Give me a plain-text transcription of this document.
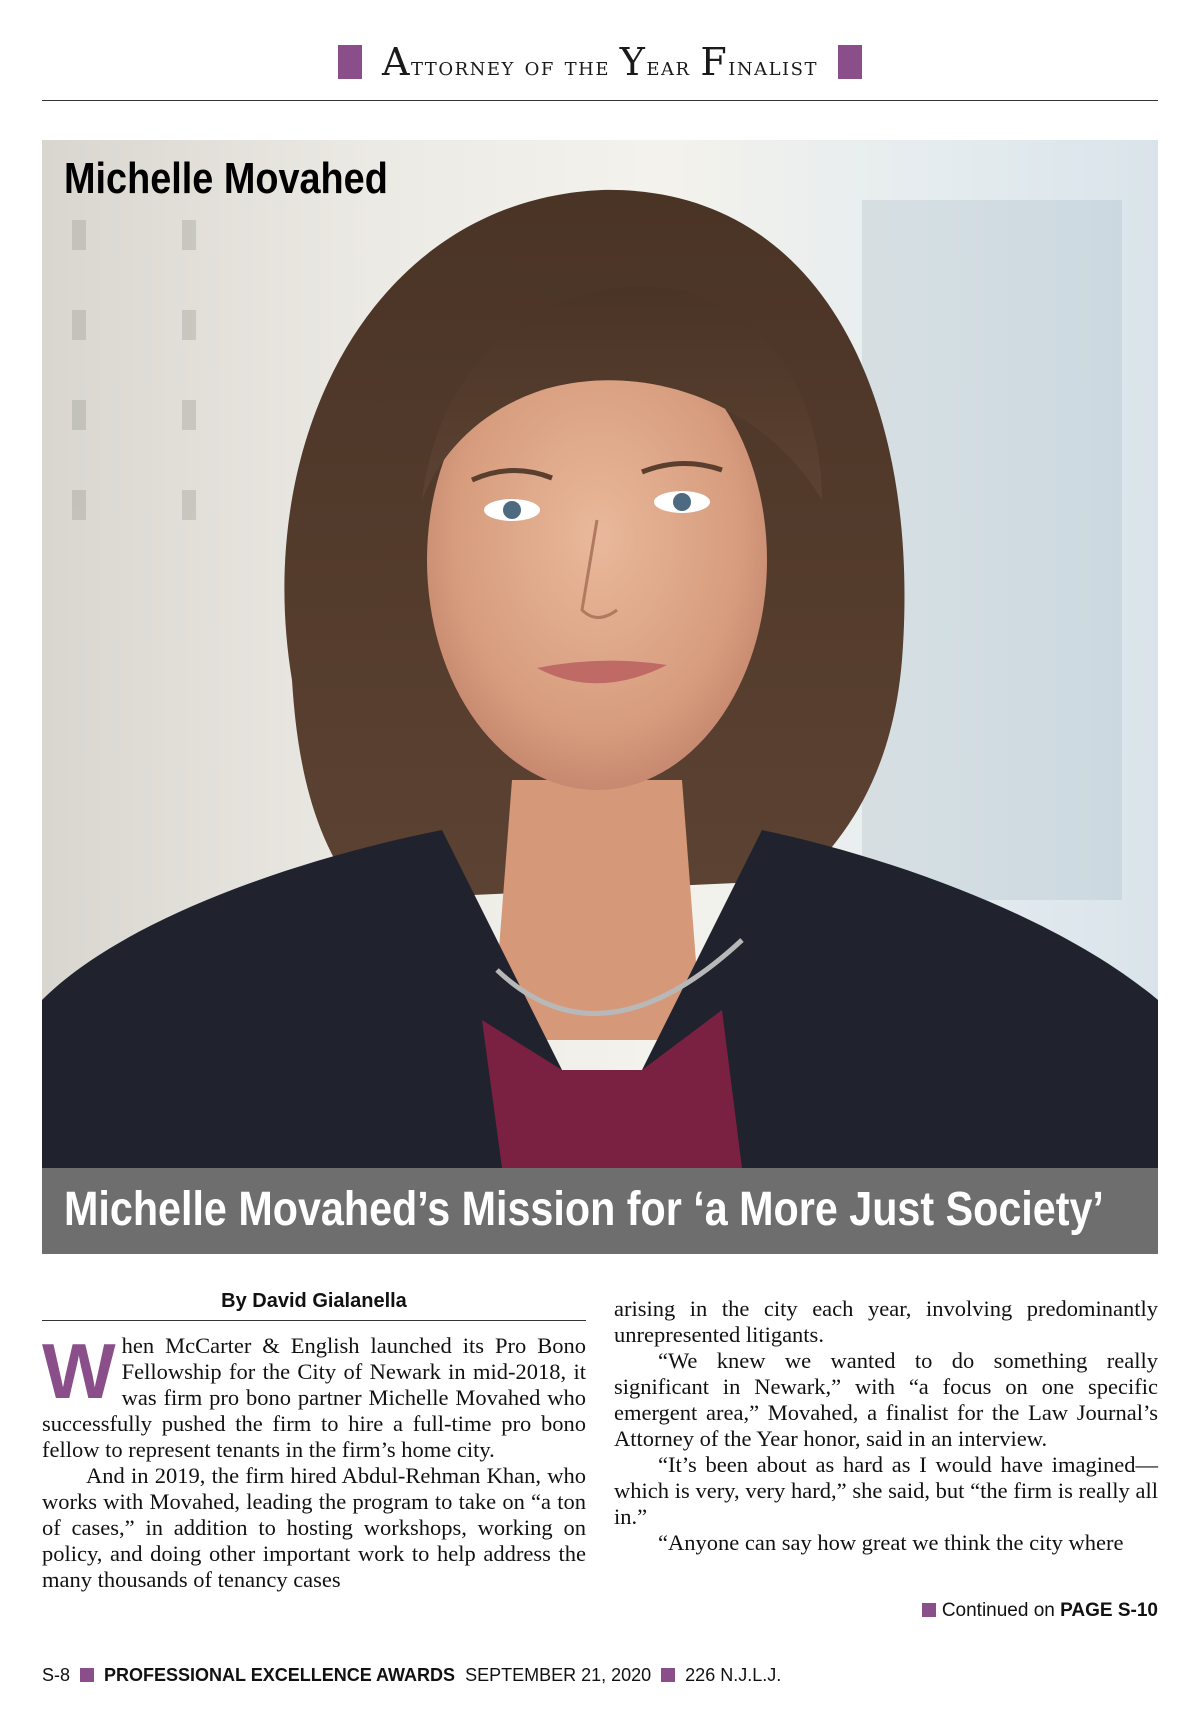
Attorney of the Year Finalist
Michelle Movahed
Michelle Movahed’s Mission for ‘a More Just Society’
By David Gialanella

When McCarter & English launched its Pro Bono Fellowship for the City of Newark in mid-2018, it was firm pro bono partner Michelle Movahed who successfully pushed the firm to hire a full-time pro bono fellow to represent tenants in the firm’s home city.

And in 2019, the firm hired Abdul-Rehman Khan, who works with Movahed, leading the program to take on “a ton of cases,” in addition to hosting workshops, working on policy, and doing other important work to help address the many thousands of tenancy cases

arising in the city each year, involving predominantly unrepresented litigants.

“We knew we wanted to do something really significant in Newark,” with “a focus on one specific emergent area,” Movahed, a finalist for the Law Journal’s Attorney of the Year honor, said in an interview.

“It’s been about as hard as I would have imagined—which is very, very hard,” she said, but “the firm is really all in.”

“Anyone can say how great we think the city where

Continued on PAGE S-10
S-8 PROFESSIONAL EXCELLENCE AWARDS SEPTEMBER 21, 2020 226 N.J.L.J.
